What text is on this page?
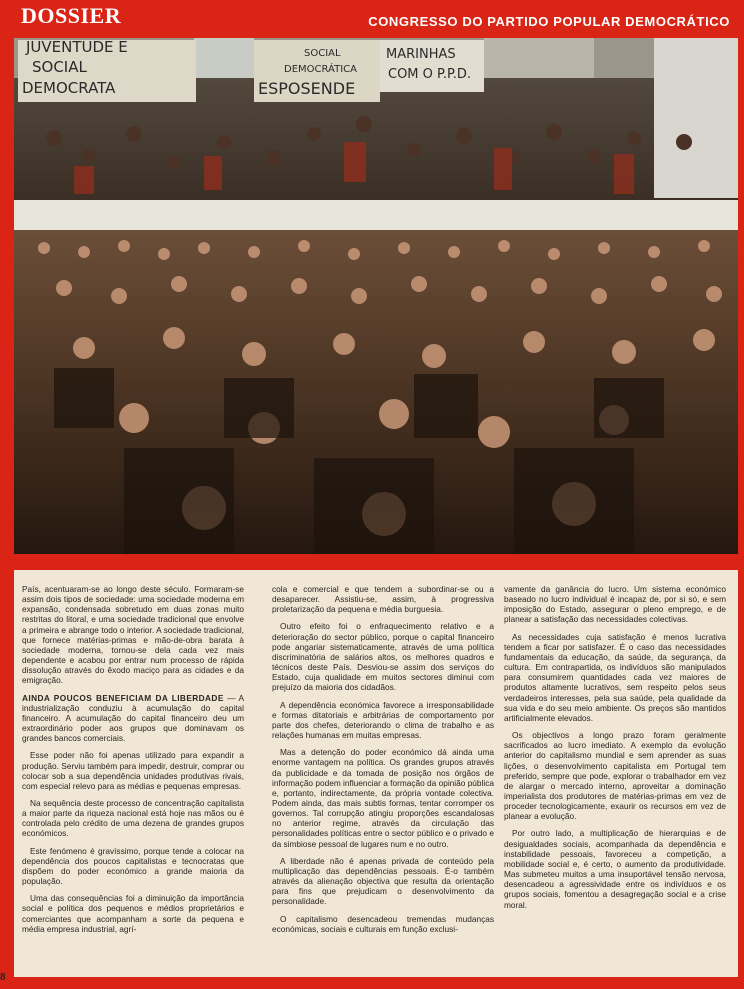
DOSSIER	CONGRESSO DO PARTIDO POPULAR DEMOCRÁTICO
JUVENTUDE E
SOCIAL
DEMOCRATA
SOCIAL
DEMOCRÁTICA
ESPOSENDE
MARINHAS
COM O P.P.D.

País, acentuaram-se ao longo deste século. Formaram-se assim dois tipos de sociedade: uma sociedade moderna em expansão, condensada sobretudo em duas zonas muito restritas do litoral, e uma sociedade tradicional que envolve a primeira e abrange todo o interior. A sociedade tradicional, que fornece matérias-primas e mão-de-obra barata à sociedade moderna, tornou-se dela cada vez mais dependente e acabou por entrar num processo de rápida dissolução através do êxodo maciço para as cidades e da emigração.

AINDA POUCOS BENEFICIAM DA LIBERDADE — A industrialização conduziu à acumulação do capital financeiro. A acumulação do capital financeiro deu um extraordinário poder aos grupos que dominavam os grandes bancos comerciais.

Esse poder não foi apenas utilizado para expandir a produção. Serviu também para impedir, destruir, comprar ou colocar sob a sua dependência unidades produtivas rivais, com especial relevo para as médias e pequenas empresas.

Na sequência deste processo de concentração capitalista a maior parte da riqueza nacional está hoje nas mãos ou é controlada pelo crédito de uma dezena de grandes grupos económicos.

Este fenómeno é gravíssimo, porque tende a colocar na dependência dos poucos capitalistas e tecnocratas que dispõem do poder económico a grande maioria da população.

Uma das consequências foi a diminuição da importância social e política dos pequenos e médios proprietários e comerciantes que acompanham a sorte da pequena e média empresa industrial, agrí-

cola e comercial e que tendem a subordinar-se ou a desaparecer. Assistiu-se, assim, à progressiva proletarização da pequena e média burguesia.

Outro efeito foi o enfraquecimento relativo e a deterioração do sector público, porque o capital financeiro pode angariar sistematicamente, através de uma política discriminatória de salários altos, os melhores quadros e técnicos deste País. Desviou-se assim dos serviços do Estado, cuja qualidade em muitos sectores diminui com prejuízo da maioria dos cidadãos.

A dependência económica favorece a irresponsabilidade e formas ditatoriais e arbitrárias de comportamento por parte dos chefes, deteriorando o clima de trabalho e as relações humanas em muitas empresas.

Mas a detenção do poder económico dá ainda uma enorme vantagem na política. Os grandes grupos através da publicidade e da tomada de posição nos órgãos de informação podem influenciar a formação da opinião pública e, portanto, indirectamente, da própria vontade colectiva. Podem ainda, das mais subtis formas, tentar corromper os governos. Tal corrupção atingiu proporções escandalosas no anterior regime, através da circulação das personalidades políticas entre o sector público e o privado e da simbiose pessoal de lugares num e no outro.

A liberdade não é apenas privada de conteúdo pela multiplicação das dependências pessoais. É-o também através da alienação objectiva que resulta da orientação para fins que prejudicam o desenvolvimento da personalidade.

O capitalismo desencadeou tremendas mudanças económicas, sociais e culturais em função exclusi-

vamente da ganância do lucro. Um sistema económico baseado no lucro individual é incapaz de, por si só, e sem imposição do Estado, assegurar o pleno emprego, e de planear a satisfação das necessidades colectivas.

As necessidades cuja satisfação é menos lucrativa tendem a ficar por satisfazer. É o caso das necessidades fundamentais da educação, da saúde, da segurança, da cultura. Em contrapartida, os indivíduos são manipulados para consumirem quantidades cada vez maiores de produtos altamente lucrativos, sem respeito pelos seus verdadeiros interesses, pela sua saúde, pela qualidade da sua vida e do seu meio ambiente. Os preços são mantidos artificialmente elevados.

Os objectivos a longo prazo foram geralmente sacrificados ao lucro imediato. A exemplo da evolução anterior do capitalismo mundial e sem aprender as suas lições, o desenvolvimento capitalista em Portugal tem preferido, sempre que pode, explorar o trabalhador em vez de alargar o mercado interno, aproveitar a dominação imperialista dos produtores de matérias-primas em vez de proceder tecnologicamente, exaurir os recursos em vez de planear a evolução.

Por outro lado, a multiplicação de hierarquias e de desigualdades sociais, acompanhada da dependência e instabilidade pessoais, favoreceu a competição, a mobilidade social e, é certo, o aumento da produtividade. Mas submeteu muitos a uma insuportável tensão nervosa, desencadeou a agressividade entre os indivíduos e os grupos sociais, fomentou a desagregação social e a crise moral.

8
